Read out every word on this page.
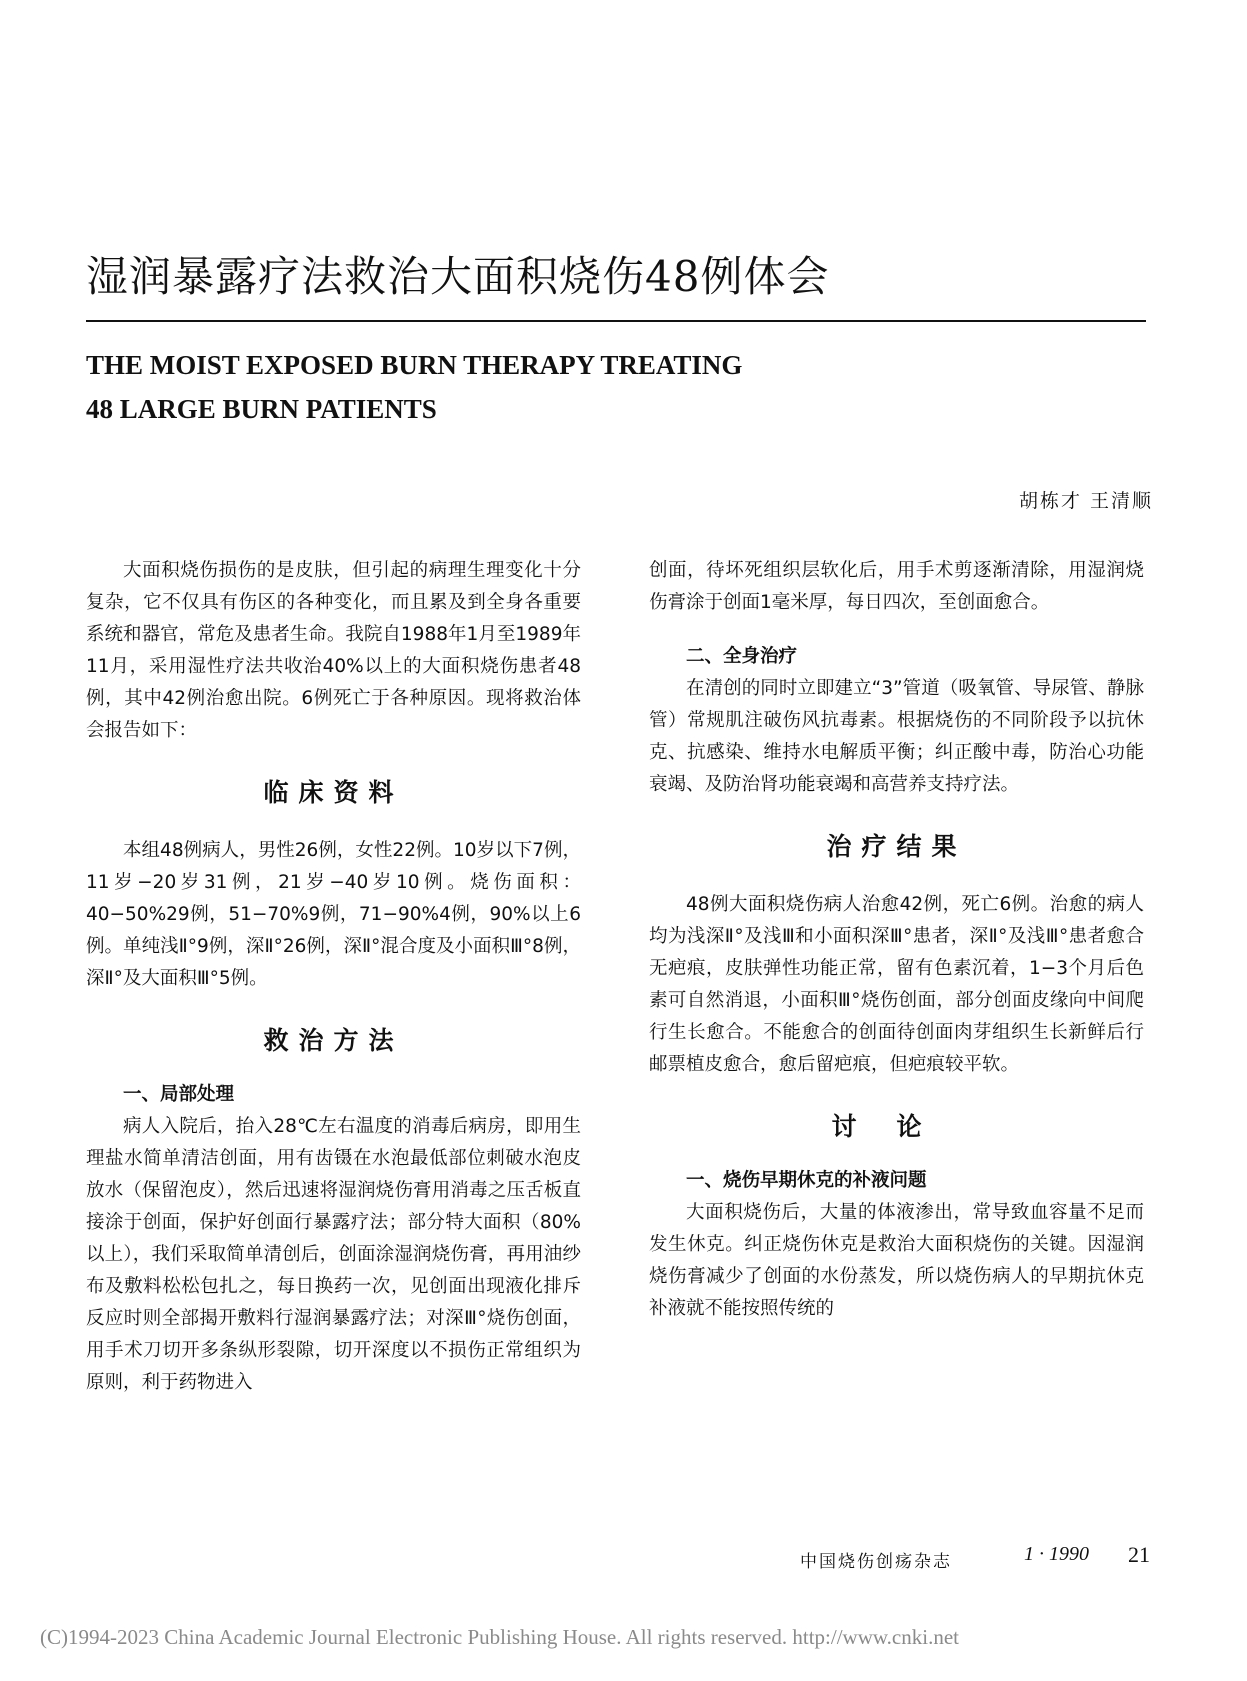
湿润暴露疗法救治大面积烧伤48例体会
THE MOIST EXPOSED BURN THERAPY TREATING
48 LARGE BURN PATIENTS
胡栋才 王清顺

大面积烧伤损伤的是皮肤，但引起的病理生理变化十分复杂，它不仅具有伤区的各种变化，而且累及到全身各重要系统和器官，常危及患者生命。我院自1988年1月至1989年11月，采用湿性疗法共收治40%以上的大面积烧伤患者48例，其中42例治愈出院。6例死亡于各种原因。现将救治体会报告如下：

临床资料

本组48例病人，男性26例，女性22例。10岁以下7例，11岁−20岁31例，21岁−40岁10例。烧伤面积：40−50%29例，51−70%9例，71−90%4例，90%以上6例。单纯浅Ⅱ°9例，深Ⅱ°26例，深Ⅱ°混合度及小面积Ⅲ°8例，深Ⅱ°及大面积Ⅲ°5例。

救治方法
一、局部处理

病人入院后，抬入28℃左右温度的消毒后病房，即用生理盐水简单清洁创面，用有齿镊在水泡最低部位刺破水泡皮放水（保留泡皮），然后迅速将湿润烧伤膏用消毒之压舌板直接涂于创面，保护好创面行暴露疗法；部分特大面积（80%以上），我们采取简单清创后，创面涂湿润烧伤膏，再用油纱布及敷料松松包扎之，每日换药一次，见创面出现液化排斥反应时则全部揭开敷料行湿润暴露疗法；对深Ⅲ°烧伤创面，用手术刀切开多条纵形裂隙，切开深度以不损伤正常组织为原则，利于药物进入

创面，待坏死组织层软化后，用手术剪逐渐清除，用湿润烧伤膏涂于创面1毫米厚，每日四次，至创面愈合。

二、全身治疗

在清创的同时立即建立“3”管道（吸氧管、导尿管、静脉管）常规肌注破伤风抗毒素。根据烧伤的不同阶段予以抗休克、抗感染、维持水电解质平衡；纠正酸中毒，防治心功能衰竭、及防治肾功能衰竭和高营养支持疗法。

治疗结果

48例大面积烧伤病人治愈42例，死亡6例。治愈的病人均为浅深Ⅱ°及浅Ⅲ和小面积深Ⅲ°患者，深Ⅱ°及浅Ⅲ°患者愈合无疤痕，皮肤弹性功能正常，留有色素沉着，1−3个月后色素可自然消退，小面积Ⅲ°烧伤创面，部分创面皮缘向中间爬行生长愈合。不能愈合的创面待创面肉芽组织生长新鲜后行邮票植皮愈合，愈后留疤痕，但疤痕较平软。

讨论
一、烧伤早期休克的补液问题

大面积烧伤后，大量的体液渗出，常导致血容量不足而发生休克。纠正烧伤休克是救治大面积烧伤的关键。因湿润烧伤膏减少了创面的水份蒸发，所以烧伤病人的早期抗休克补液就不能按照传统的

中国烧伤创疡杂志	1 · 1990 21
(C)1994-2023 China Academic Journal Electronic Publishing House. All rights reserved. http://www.cnki.net
